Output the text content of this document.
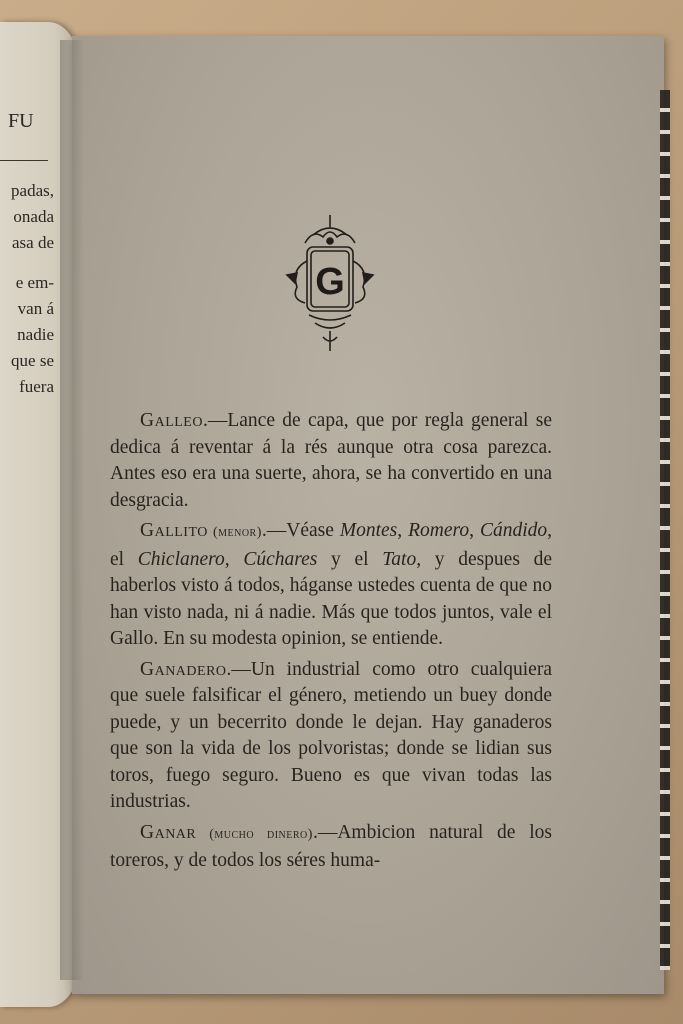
FU
padas,
onada
asa de
e em-
van á
nadie
que se
fuera
G

Galleo.—Lance de capa, que por regla general se dedica á reventar á la rés aunque otra cosa parezca. Antes eso era una suerte, ahora, se ha convertido en una desgracia.

Gallito (menor).—Véase Montes, Romero, Cándido, el Chiclanero, Cúchares y el Tato, y despues de haberlos visto á todos, háganse ustedes cuenta de que no han visto nada, ni á nadie. Más que todos juntos, vale el Gallo. En su modesta opinion, se entiende.

Ganadero.—Un industrial como otro cualquiera que suele falsificar el género, metiendo un buey donde puede, y un becerrito donde le dejan. Hay ganaderos que son la vida de los polvoristas; donde se lidian sus toros, fuego seguro. Bueno es que vivan todas las industrias.

Ganar (mucho dinero).—Ambicion natural de los toreros, y de todos los séres huma-
